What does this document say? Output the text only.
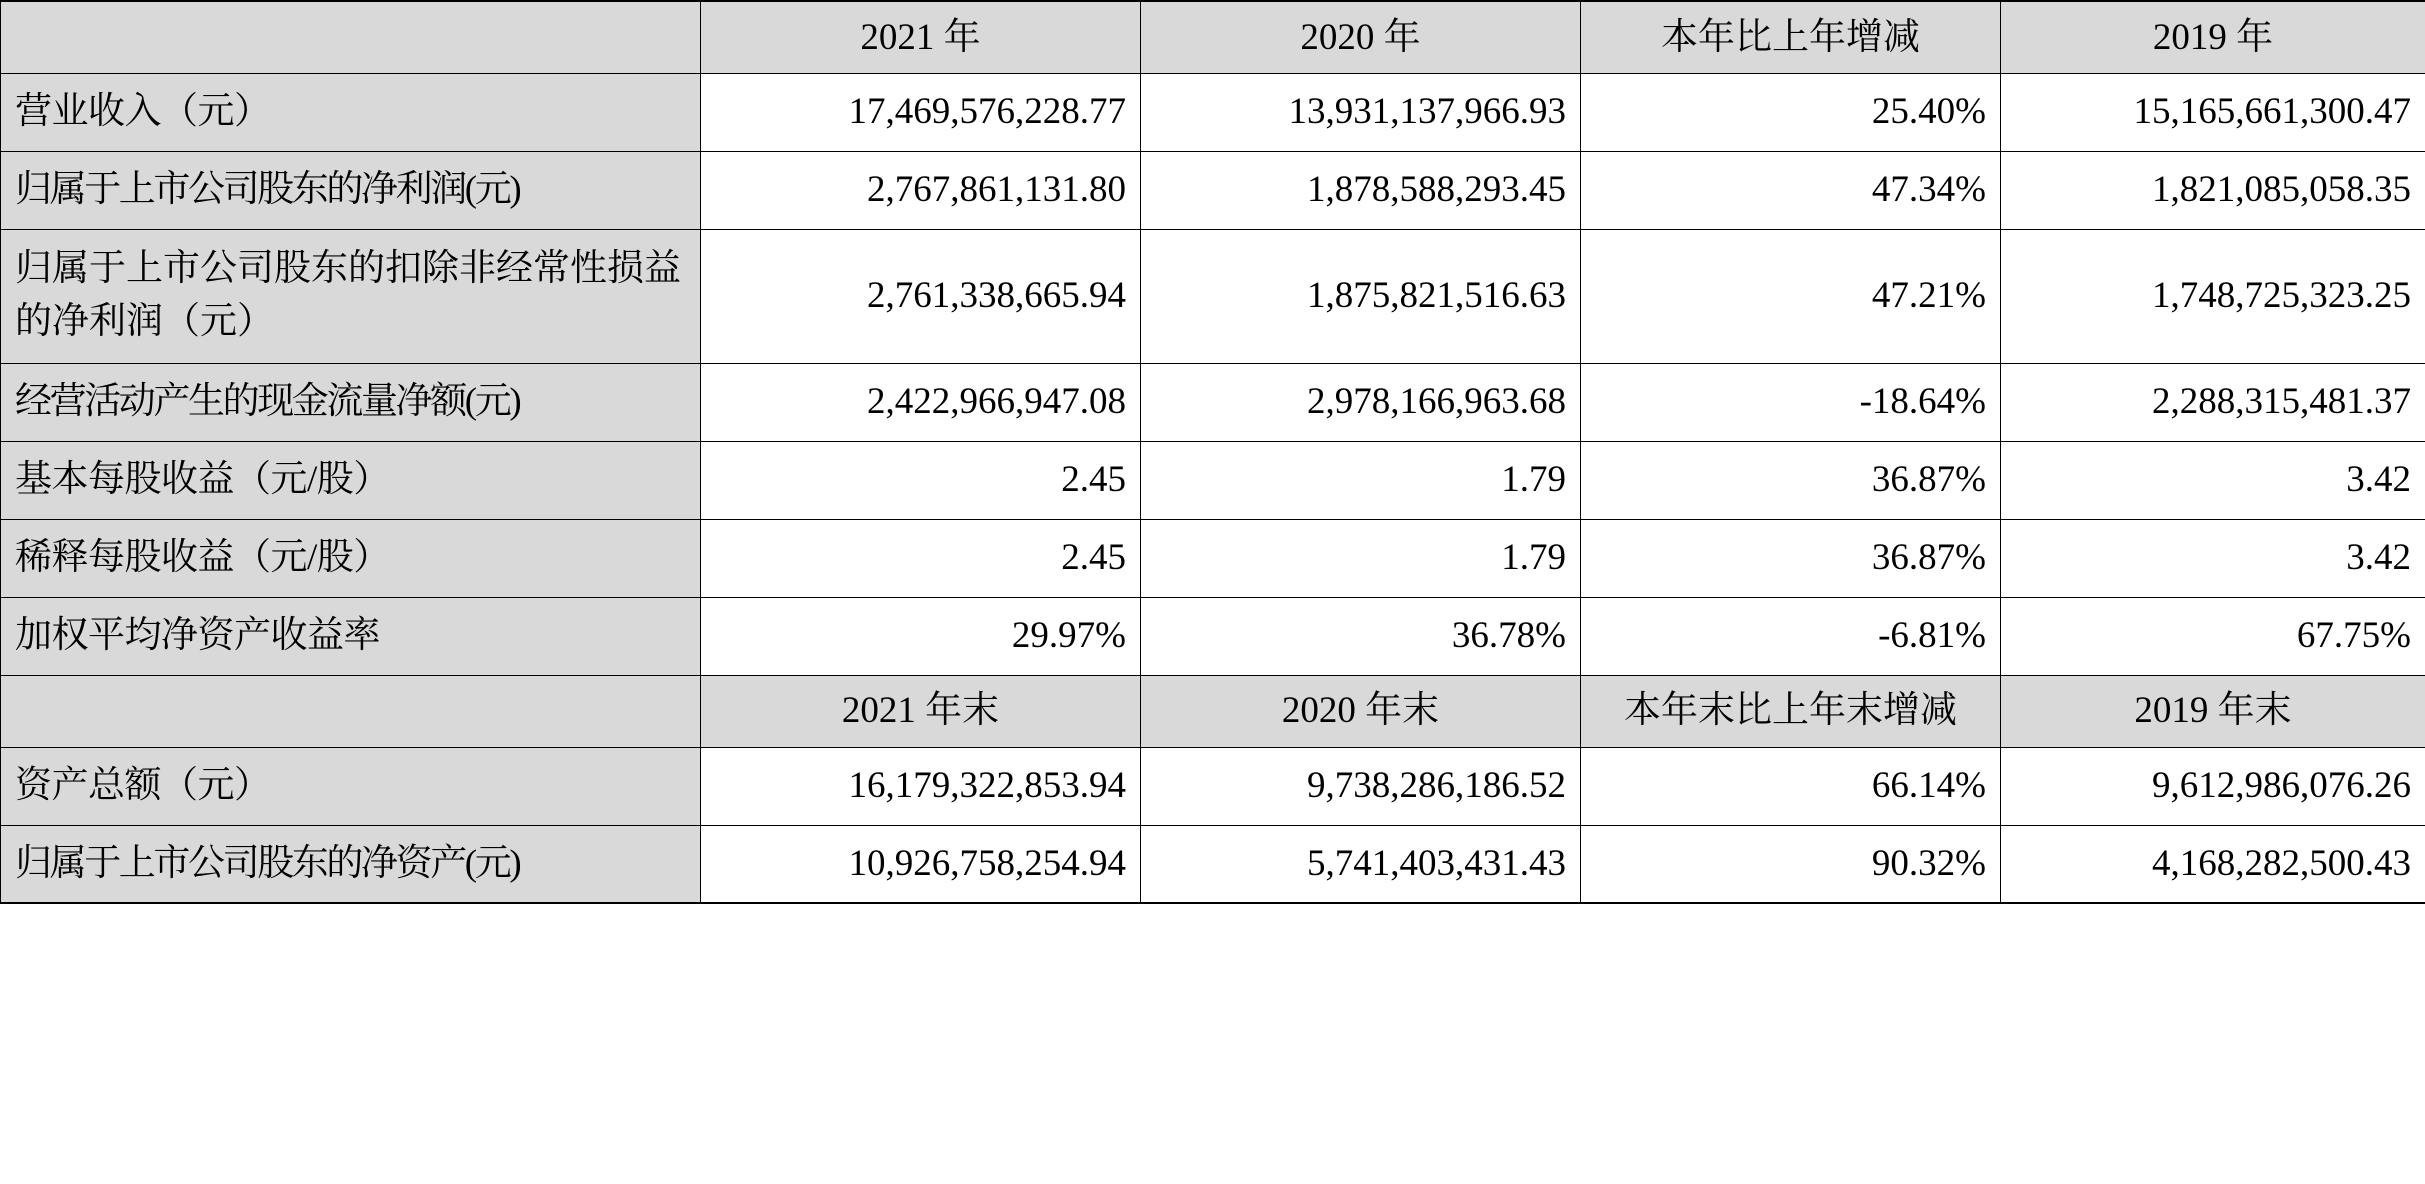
	2021 年	2020 年	本年比上年增减	2019 年
营业收入（元）	17,469,576,228.77	13,931,137,966.93	25.40%	15,165,661,300.47
归属于上市公司股东的净利润(元)	2,767,861,131.80	1,878,588,293.45	47.34%	1,821,085,058.35
归属于上市公司股东的扣除非经常性损益的净利润（元）	2,761,338,665.94	1,875,821,516.63	47.21%	1,748,725,323.25
经营活动产生的现金流量净额(元)	2,422,966,947.08	2,978,166,963.68	-18.64%	2,288,315,481.37
基本每股收益（元/股）	2.45	1.79	36.87%	3.42
稀释每股收益（元/股）	2.45	1.79	36.87%	3.42
加权平均净资产收益率	29.97%	36.78%	-6.81%	67.75%
	2021 年末	2020 年末	本年末比上年末增减	2019 年末
资产总额（元）	16,179,322,853.94	9,738,286,186.52	66.14%	9,612,986,076.26
归属于上市公司股东的净资产(元)	10,926,758,254.94	5,741,403,431.43	90.32%	4,168,282,500.43
